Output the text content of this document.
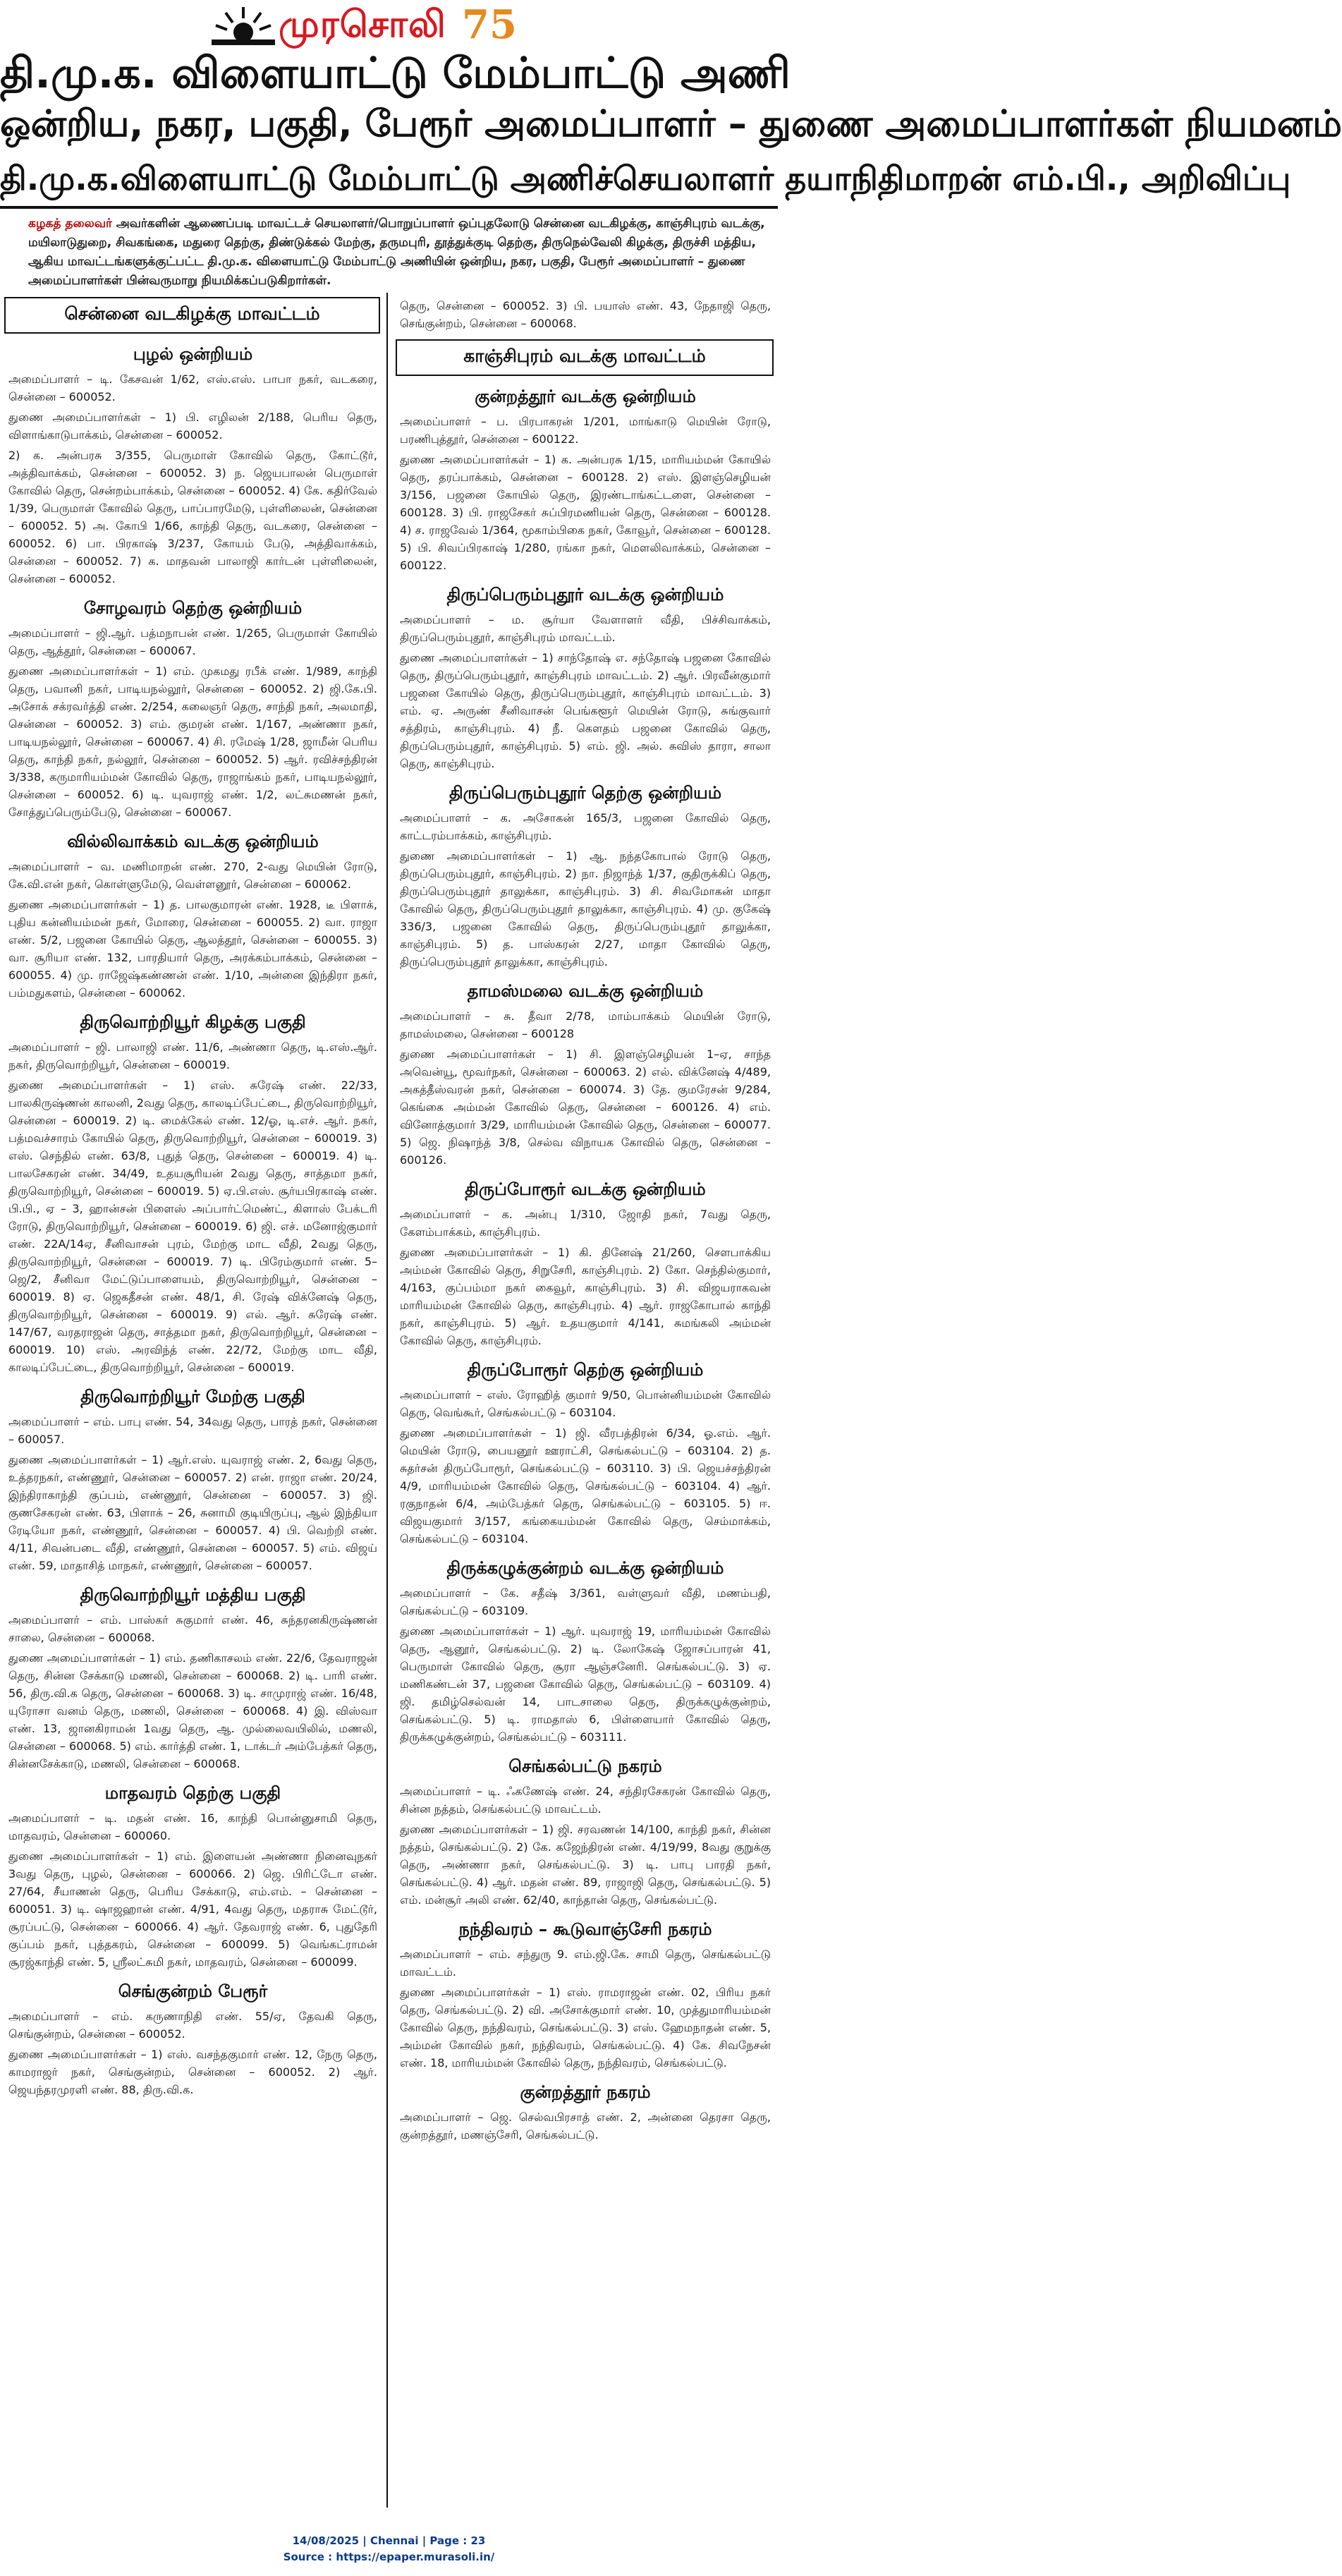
முரசொலி 75
தி.மு.க. விளையாட்டு மேம்பாட்டு அணி
ஒன்றிய, நகர, பகுதி, பேரூர் அமைப்பாளர் – துணை அமைப்பாளர்கள் நியமனம்
தி.மு.க.விளையாட்டு மேம்பாட்டு அணிச்செயலாளர் தயாநிதிமாறன் எம்.பி., அறிவிப்பு
கழகத் தலைவர் அவர்களின் ஆணைப்படி மாவட்டச் செயலாளர்/பொறுப்பாளர் ஒப்புதலோடு சென்னை வடகிழக்கு, காஞ்சிபுரம் வடக்கு, மயிலாடுதுறை, சிவகங்கை, மதுரை தெற்கு, திண்டுக்கல் மேற்கு, தருமபுரி, தூத்துக்குடி தெற்கு, திருநெல்வேலி கிழக்கு, திருச்சி மத்திய, ஆகிய மாவட்டங்களுக்குட்பட்ட தி.மு.க. விளையாட்டு மேம்பாட்டு அணியின் ஒன்றிய, நகர, பகுதி, பேரூர் அமைப்பாளர் – துணை அமைப்பாளர்கள் பின்வருமாறு நியமிக்கப்படுகிறார்கள்.
சென்னை வடகிழக்கு மாவட்டம்
புழல் ஒன்றியம்

அமைப்பாளர் – டி. கேசவன் 1/62, எஸ்.எஸ். பாபா நகர், வடகரை, சென்னை – 600052.

துணை அமைப்பாளர்கள் – 1) பி. எழிலன் 2/188, பெரிய தெரு, விளாங்காடுபாக்கம், சென்னை – 600052.

2) க. அன்பரசு 3/355, பெருமாள் கோவில் தெரு, கோட்டூர், அத்திவாக்கம், சென்னை – 600052. 3) ந. ஜெயபாலன் பெருமாள் கோவில் தெரு, சென்றம்பாக்கம், சென்னை – 600052. 4) கே. கதிர்வேல் 1/39, பெருமாள் கோவில் தெரு, பாப்பாரமேடு, புள்ளிலைன், சென்னை – 600052. 5) அ. கோபி 1/66, காந்தி தெரு, வடகரை, சென்னை – 600052. 6) பா. பிரகாஷ் 3/237, கோயம் பேடு, அத்திவாக்கம், சென்னை – 600052. 7) க. மாதவன் பாலாஜி கார்டன் புள்ளிலைன், சென்னை – 600052.

சோழவரம் தெற்கு ஒன்றியம்

அமைப்பாளர் – ஜி.ஆர். பத்மநாபன் எண். 1/265, பெருமாள் கோயில் தெரு, ஆத்தூர், சென்னை – 600067.

துணை அமைப்பாளர்கள் – 1) எம். முகமது ரபீக் எண். 1/989, காந்தி தெரு, பவானி நகர், பாடியநல்லூர், சென்னை – 600052. 2) ஜி.கே.பி. அசோக் சக்ரவர்த்தி எண். 2/254, கலைஞர் தெரு, சாந்தி நகர், அலமாதி, சென்னை – 600052. 3) எம். குமரன் எண். 1/167, அண்ணா நகர், பாடியநல்லூர், சென்னை – 600067. 4) சி. ரமேஷ் 1/28, ஜாமீன் பெரிய தெரு, காந்தி நகர், நல்லூர், சென்னை – 600052. 5) ஆர். ரவிச்சந்திரன் 3/338, கருமாரியம்மன் கோவில் தெரு, ராஜாங்கம் நகர், பாடியநல்லூர், சென்னை – 600052. 6) டி. யுவராஜ் எண். 1/2, லட்சுமணன் நகர், சோத்துப்பெரும்பேடு, சென்னை – 600067.

வில்லிவாக்கம் வடக்கு ஒன்றியம்

அமைப்பாளர் – வ. மணிமாறன் எண். 270, 2-வது மெயின் ரோடு, கே.வி.என் நகர், கொள்ளுமேடு, வெள்ளனூர், சென்னை – 600062.

துணை அமைப்பாளர்கள் – 1) த. பாலகுமாரன் எண். 1928, டீ பிளாக், புதிய கன்னியம்மன் நகர், மோரை, சென்னை – 600055. 2) வா. ராஜா எண். 5/2, பஜனை கோயில் தெரு, ஆலத்தூர், சென்னை – 600055. 3) வா. சூரியா எண். 132, பாரதியார் தெரு, அரக்கம்பாக்கம், சென்னை – 600055. 4) மு. ராஜேஷ்கண்ணன் எண். 1/10, அன்னை இந்திரா நகர், பம்மதுகளம், சென்னை – 600062.

திருவொற்றியூர் கிழக்கு பகுதி

அமைப்பாளர் – ஜி. பாலாஜி எண். 11/6, அண்ணா தெரு, டி.எஸ்.ஆர். நகர், திருவொற்றியூர், சென்னை – 600019.

துணை அமைப்பாளர்கள் – 1) எஸ். சுரேஷ் எண். 22/33, பாலகிருஷ்ணன் காலனி, 2வது தெரு, காலடிப்பேட்டை, திருவொற்றியூர், சென்னை – 600019. 2) டி. மைக்கேல் எண். 12/ஓ, டி.எச். ஆர். நகர், பத்மவச்சாரம் கோயில் தெரு, திருவொற்றியூர், சென்னை – 600019. 3) எஸ். செந்தில் எண். 63/8, புதுத் தெரு, சென்னை – 600019. 4) டி. பாலசேகரன் எண். 34/49, உதயசூரியன் 2வது தெரு, சாத்தமா நகர், திருவொற்றியூர், சென்னை – 600019. 5) ஏ.பி.எஸ். சூர்யபிரகாஷ் எண். பி.பி., ஏ – 3, ஹான்சன் பிளைஸ் அப்பார்ட்மெண்ட், கிளாஸ் பேக்டரி ரோடு, திருவொற்றியூர், சென்னை – 600019. 6) ஜி. எச். மனோஜ்குமார் எண். 22A/14ஏ, சீனிவாசன் புரம், மேற்கு மாட வீதி, 2வது தெரு, திருவொற்றியூர், சென்னை – 600019. 7) டி. பிரேம்குமார் எண். 5–ஜெ/2, சீனிவா மேட்டுப்பாளையம், திருவொற்றியூர், சென்னை – 600019. 8) ஏ. ஜெகதீசன் எண். 48/1, சி. ரேஷ் விக்னேஷ் தெரு, திருவொற்றியூர், சென்னை – 600019. 9) எல். ஆர். சுரேஷ் எண். 147/67, வரதராஜன் தெரு, சாத்தமா நகர், திருவொற்றியூர், சென்னை – 600019. 10) எஸ். அரவிந்த் எண். 22/72, மேற்கு மாட வீதி, காலடிப்பேட்டை, திருவொற்றியூர், சென்னை – 600019.

திருவொற்றியூர் மேற்கு பகுதி

அமைப்பாளர் – எம். பாபு எண். 54, 34வது தெரு, பாரத் நகர், சென்னை – 600057.

துணை அமைப்பாளர்கள் – 1) ஆர்.எஸ். யுவராஜ் எண். 2, 6வது தெரு, உத்தரநகர், எண்ணூர், சென்னை – 600057. 2) என். ராஜா எண். 20/24, இந்திராகாந்தி குப்பம், எண்ணூர், சென்னை – 600057. 3) ஜி. குணசேகரன் எண். 63, பிளாக் – 26, சுனாமி குடியிருப்பு, ஆல் இந்தியா ரேடியோ நகர், எண்ணூர், சென்னை – 600057. 4) பி. வெற்றி எண். 4/11, சிவன்படை வீதி, எண்ணூர், சென்னை – 600057. 5) எம். விஜய் எண். 59, மாதாசித் மாநகர், எண்ணூர், சென்னை – 600057.

திருவொற்றியூர் மத்திய பகுதி

அமைப்பாளர் – எம். பாஸ்கர் சுகுமார் எண். 46, சுந்தரனகிருஷ்ணன் சாலை, சென்னை – 600068.

துணை அமைப்பாளர்கள் – 1) எம். தணிகாசலம் எண். 22/6, தேவராஜன் தெரு, சின்ன சேக்காடு மணலி, சென்னை – 600068. 2) டி. பாரி எண். 56, திரு.வி.க தெரு, சென்னை – 600068. 3) டி. சாமுராஜ் எண். 16/48, யுரோசா வனம் தெரு, மணலி, சென்னை – 600068. 4) இ. விஸ்வா எண். 13, ஜானகிராமன் 1வது தெரு, ஆ. முல்லைவயிலில், மணலி, சென்னை – 600068. 5) எம். கார்த்தி எண். 1, டாக்டர் அம்பேத்கர் தெரு, சின்னசேக்காடு, மணலி, சென்னை – 600068.

மாதவரம் தெற்கு பகுதி

அமைப்பாளர் – டி. மதன் எண். 16, காந்தி பொன்னுசாமி தெரு, மாதவரம், சென்னை – 600060.

துணை அமைப்பாளர்கள் – 1) எம். இளையன் அண்ணா நினைவுநகர் 3வது தெரு, புழல், சென்னை – 600066. 2) ஜெ. பிரிட்டோ எண். 27/64, சீயாணன் தெரு, பெரிய சேக்காடு, எம்.எம். – சென்னை – 600051. 3) டி. ஷாஜஹான் எண். 4/91, 4வது தெரு, மதராசு மேட்டூர், சூரப்பட்டு, சென்னை – 600066. 4) ஆர். தேவராஜ் எண். 6, புதுதேரி குப்பம் நகர், புத்தகரம், சென்னை – 600099. 5) வெங்கட்ராமன் சூரஜ்காந்தி எண். 5, ஸ்ரீலட்சுமி நகர், மாதவரம், சென்னை – 600099.

செங்குன்றம் பேரூர்

அமைப்பாளர் – எம். கருணாநிதி எண். 55/ஏ, தேவகி தெரு, செங்குன்றம், சென்னை – 600052.

துணை அமைப்பாளர்கள் – 1) எஸ். வசந்தகுமார் எண். 12, நேரு தெரு, காமராஜர் நகர், செங்குன்றம், சென்னை – 600052. 2) ஆர். ஜெயந்தரமுரளி எண். 88, திரு.வி.க.

தெரு, சென்னை – 600052. 3) பி. பயாஸ் எண். 43, நேதாஜி தெரு, செங்குன்றம், சென்னை – 600068.

காஞ்சிபுரம் வடக்கு மாவட்டம்
குன்றத்தூர் வடக்கு ஒன்றியம்

அமைப்பாளர் – ப. பிரபாகரன் 1/201, மாங்காடு மெயின் ரோடு, பரணிபுத்தூர், சென்னை – 600122.

துணை அமைப்பாளர்கள் – 1) க. அன்பரசு 1/15, மாரியம்மன் கோயில் தெரு, தரப்பாக்கம், சென்னை – 600128. 2) எஸ். இளஞ்செழியன் 3/156, பஜனை கோயில் தெரு, இரண்டாங்கட்டளை, சென்னை – 600128. 3) பி. ராஜசேகர் சுப்பிரமணியன் தெரு, சென்னை – 600128. 4) ச. ராஜவேல் 1/364, மூகாம்பிகை நகர், கோவூர், சென்னை – 600128. 5) பி. சிவப்பிரகாஷ் 1/280, ரங்கா நகர், மௌலிவாக்கம், சென்னை – 600122.

திருப்பெரும்புதூர் வடக்கு ஒன்றியம்

அமைப்பாளர் – ம. சூர்யா வேளாளர் வீதி, பிச்சிவாக்கம், திருப்பெரும்புதூர், காஞ்சிபுரம் மாவட்டம்.

துணை அமைப்பாளர்கள் – 1) சாந்தோஷ் எ. சந்தோஷ் பஜனை கோவில் தெரு, திருப்பெரும்புதூர், காஞ்சிபுரம் மாவட்டம். 2) ஆர். பிரவீன்குமார் பஜனை கோயில் தெரு, திருப்பெரும்புதூர், காஞ்சிபுரம் மாவட்டம். 3) எம். ஏ. அருண் சீனிவாசன் பெங்களூர் மெயின் ரோடு, சுங்குவார் சத்திரம், காஞ்சிபுரம். 4) நீ. கௌதம் பஜனை கோவில் தெரு, திருப்பெரும்புதூர், காஞ்சிபுரம். 5) எம். ஜி. அல். சுவிஸ் தாரா, சாலா தெரு, காஞ்சிபுரம்.

திருப்பெரும்புதூர் தெற்கு ஒன்றியம்

அமைப்பாளர் – க. அசோகன் 165/3, பஜனை கோவில் தெரு, காட்டரம்பாக்கம், காஞ்சிபுரம்.

துணை அமைப்பாளர்கள் – 1) ஆ. நந்தகோபால் ரோடு தெரு, திருப்பெரும்புதூர், காஞ்சிபுரம். 2) நா. நிஜாந்த் 1/37, குதிருக்கிப் தெரு, திருப்பெரும்புதூர் தாலுக்கா, காஞ்சிபுரம். 3) சி. சிவமோகன் மாதா கோவில் தெரு, திருப்பெரும்புதூர் தாலுக்கா, காஞ்சிபுரம். 4) மு. குகேஷ் 336/3, பஜனை கோவில் தெரு, திருப்பெரும்புதூர் தாலுக்கா, காஞ்சிபுரம். 5) த. பாஸ்கரன் 2/27, மாதா கோவில் தெரு, திருப்பெரும்புதூர் தாலுக்கா, காஞ்சிபுரம்.

தாமஸ்மலை வடக்கு ஒன்றியம்

அமைப்பாளர் – சு. தீவா 2/78, மாம்பாக்கம் மெயின் ரோடு, தாமஸ்மலை, சென்னை – 600128

துணை அமைப்பாளர்கள் – 1) சி. இளஞ்செழியன் 1–ஏ, சாந்த அவென்யூ, மூவர்நகர், சென்னை – 600063. 2) எல். விக்னேஷ் 4/489, அகத்தீஸ்வரன் நகர், சென்னை – 600074. 3) தே. குமரேசன் 9/284, கெங்கை அம்மன் கோவில் தெரு, சென்னை – 600126. 4) எம். வினோத்குமார் 3/29, மாரியம்மன் கோவில் தெரு, சென்னை – 600077. 5) ஜெ. நிஷாந்த் 3/8, செல்வ விநாயக கோவில் தெரு, சென்னை – 600126.

திருப்போரூர் வடக்கு ஒன்றியம்

அமைப்பாளர் – க. அன்பு 1/310, ஜோதி நகர், 7வது தெரு, கேளம்பாக்கம், காஞ்சிபுரம்.

துணை அமைப்பாளர்கள் – 1) கி. தினேஷ் 21/260, சௌபாக்கிய அம்மன் கோவில் தெரு, சிறுசேரி, காஞ்சிபுரம். 2) கோ. செந்தில்குமார், 4/163, குப்பம்மா நகர் கைவூர், காஞ்சிபுரம். 3) சி. விஜயராகவன் மாரியம்மன் கோவில் தெரு, காஞ்சிபுரம். 4) ஆர். ராஜகோபால் காந்தி நகர், காஞ்சிபுரம். 5) ஆர். உதயகுமார் 4/141, சுமங்கலி அம்மன் கோவில் தெரு, காஞ்சிபுரம்.

திருப்போரூர் தெற்கு ஒன்றியம்

அமைப்பாளர் – எஸ். ரோஹித் குமார் 9/50, பொன்னியம்மன் கோவில் தெரு, வெங்கூர், செங்கல்பட்டு – 603104.

துணை அமைப்பாளர்கள் – 1) ஜி. வீரபத்திரன் 6/34, ஓ.எம். ஆர். மெயின் ரோடு, பையனூர் ஊராட்சி, செங்கல்பட்டு – 603104. 2) த. சுதர்சன் திருப்போரூர், செங்கல்பட்டு – 603110. 3) பி. ஜெயச்சந்திரன் 4/9, மாரியம்மன் கோவில் தெரு, செங்கல்பட்டு – 603104. 4) ஆர். ரகுநாதன் 6/4, அம்பேத்கர் தெரு, செங்கல்பட்டு – 603105. 5) ஈ. விஜயகுமார் 3/157, கங்கையம்மன் கோவில் தெரு, செம்மாக்கம், செங்கல்பட்டு – 603104.

திருக்கழுக்குன்றம் வடக்கு ஒன்றியம்

அமைப்பாளர் – கே. சதீஷ் 3/361, வள்ளுவர் வீதி, மணம்பதி, செங்கல்பட்டு – 603109.

துணை அமைப்பாளர்கள் – 1) ஆர். யுவராஜ் 19, மாரியம்மன் கோவில் தெரு, ஆனூர், செங்கல்பட்டு. 2) டி. லோகேஷ் ஜோசப்பாரன் 41, பெருமாள் கோவில் தெரு, சூரா ஆஞ்சனேரி. செங்கல்பட்டு. 3) ஏ. மணிகண்டன் 37, பஜனை கோவில் தெரு, செங்கல்பட்டு – 603109. 4) ஜி. தமிழ்செல்வன் 14, பாடசாலை தெரு, திருக்கழுக்குன்றம், செங்கல்பட்டு. 5) டி. ராமதாஸ் 6, பிள்ளையார் கோவில் தெரு, திருக்கழுக்குன்றம், செங்கல்பட்டு – 603111.

செங்கல்பட்டு நகரம்

அமைப்பாளர் – டி. ஃகணேஷ் எண். 24, சந்திரசேகரன் கோவில் தெரு, சின்ன நத்தம், செங்கல்பட்டு மாவட்டம்.

துணை அமைப்பாளர்கள் – 1) ஜி. சரவணன் 14/100, காந்தி நகர், சின்ன நத்தம், செங்கல்பட்டு. 2) கே. கஜேந்திரன் எண். 4/19/99, 8வது குறுக்கு தெரு, அண்ணா நகர், செங்கல்பட்டு. 3) டி. பாபு பாரதி நகர், செங்கல்பட்டு. 4) ஆர். மதன் எண். 89, ராஜாஜி தெரு, செங்கல்பட்டு. 5) எம். மன்சூர் அலி எண். 62/40, காந்தான் தெரு, செங்கல்பட்டு.

நந்திவரம் – கூடுவாஞ்சேரி நகரம்

அமைப்பாளர் – எம். சந்துரு 9. எம்.ஜி.கே. சாமி தெரு, செங்கல்பட்டு மாவட்டம்.

துணை அமைப்பாளர்கள் – 1) எஸ். ராமராஜன் எண். 02, பிரிய நகர் தெரு, செங்கல்பட்டு. 2) வி. அசோக்குமார் எண். 10, முத்துமாரியம்மன் கோவில் தெரு, நந்திவரம், செங்கல்பட்டு. 3) எஸ். ஹேமநாதன் எண். 5, அம்மன் கோவில் நகர், நந்திவரம், செங்கல்பட்டு. 4) கே. சிவநேசன் எண். 18, மாரியம்மன் கோவில் தெரு, நந்திவரம், செங்கல்பட்டு.

குன்றத்தூர் நகரம்

அமைப்பாளர் – ஜெ. செல்வபிரசாத் எண். 2, அன்னை தெரசா தெரு, குன்றத்தூர், மணஞ்சேரி, செங்கல்பட்டு.

14/08/2025 | Chennai | Page : 23
Source : https://epaper.murasoli.in/
